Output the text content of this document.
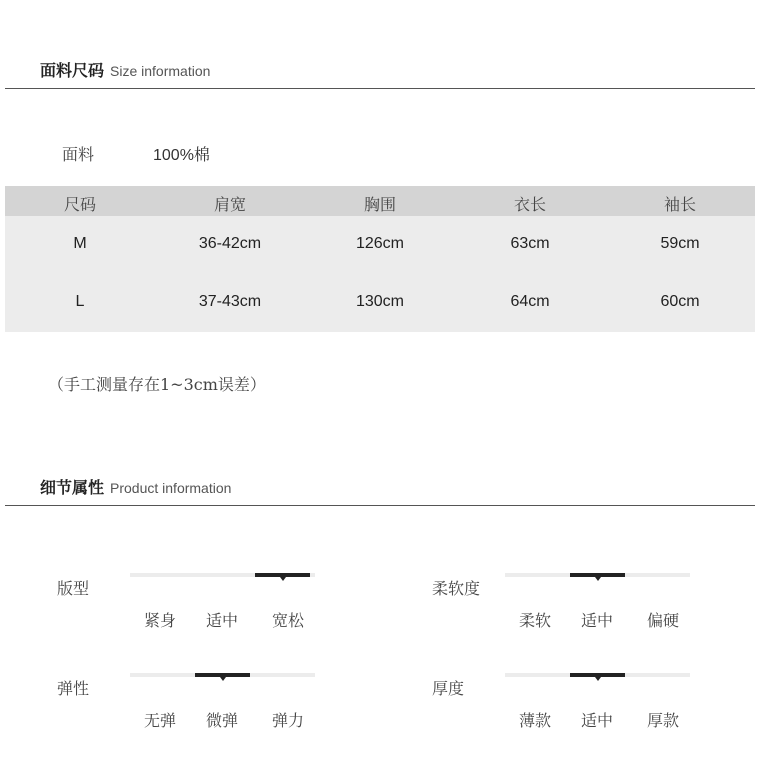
面料尺码 Size information
面料	100%棉
尺码	肩宽	胸围	衣长	袖长
M	36-42cm	126cm	63cm	59cm
L	37-43cm	130cm	64cm	60cm
（手工测量存在1~3cm误差）
细节属性 Product information
版型
紧身	适中	宽松
柔软度
柔软	适中	偏硬
弹性
无弹	微弹	弹力
厚度
薄款	适中	厚款
